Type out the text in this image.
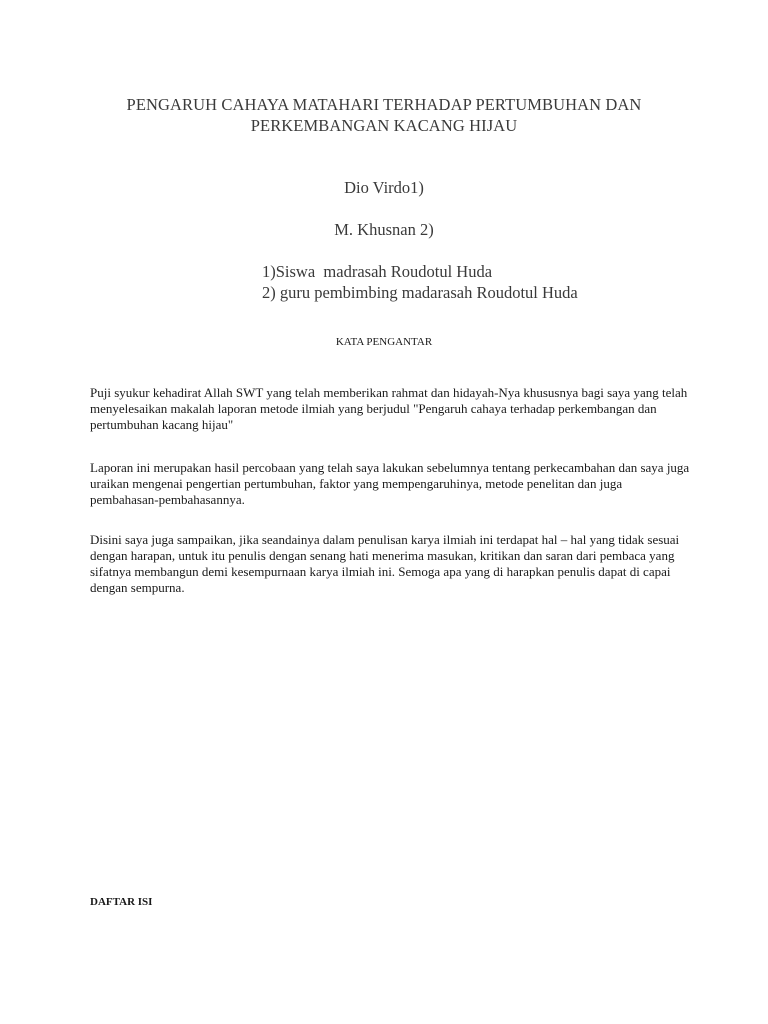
PENGARUH CAHAYA MATAHARI TERHADAP PERTUMBUHAN DAN PERKEMBANGAN KACANG HIJAU
Dio Virdo1)
M. Khusnan 2)
1)Siswa  madrasah Roudotul Huda
2) guru pembimbing madarasah Roudotul Huda
KATA PENGANTAR

Puji syukur kehadirat Allah SWT yang telah memberikan rahmat dan hidayah-Nya khususnya bagi saya yang telah menyelesaikan makalah laporan metode ilmiah yang berjudul "Pengaruh cahaya terhadap perkembangan dan pertumbuhan kacang hijau"

Laporan ini merupakan hasil percobaan yang telah saya lakukan sebelumnya tentang perkecambahan dan saya juga uraikan mengenai pengertian pertumbuhan, faktor yang mempengaruhinya, metode penelitan dan juga pembahasan-pembahasannya.

Disini saya juga sampaikan, jika seandainya dalam penulisan karya ilmiah ini terdapat hal – hal yang tidak sesuai dengan harapan, untuk itu penulis dengan senang hati menerima masukan, kritikan dan saran dari pembaca yang sifatnya membangun demi kesempurnaan karya ilmiah ini. Semoga apa yang di harapkan penulis dapat di capai dengan sempurna.

DAFTAR ISI
